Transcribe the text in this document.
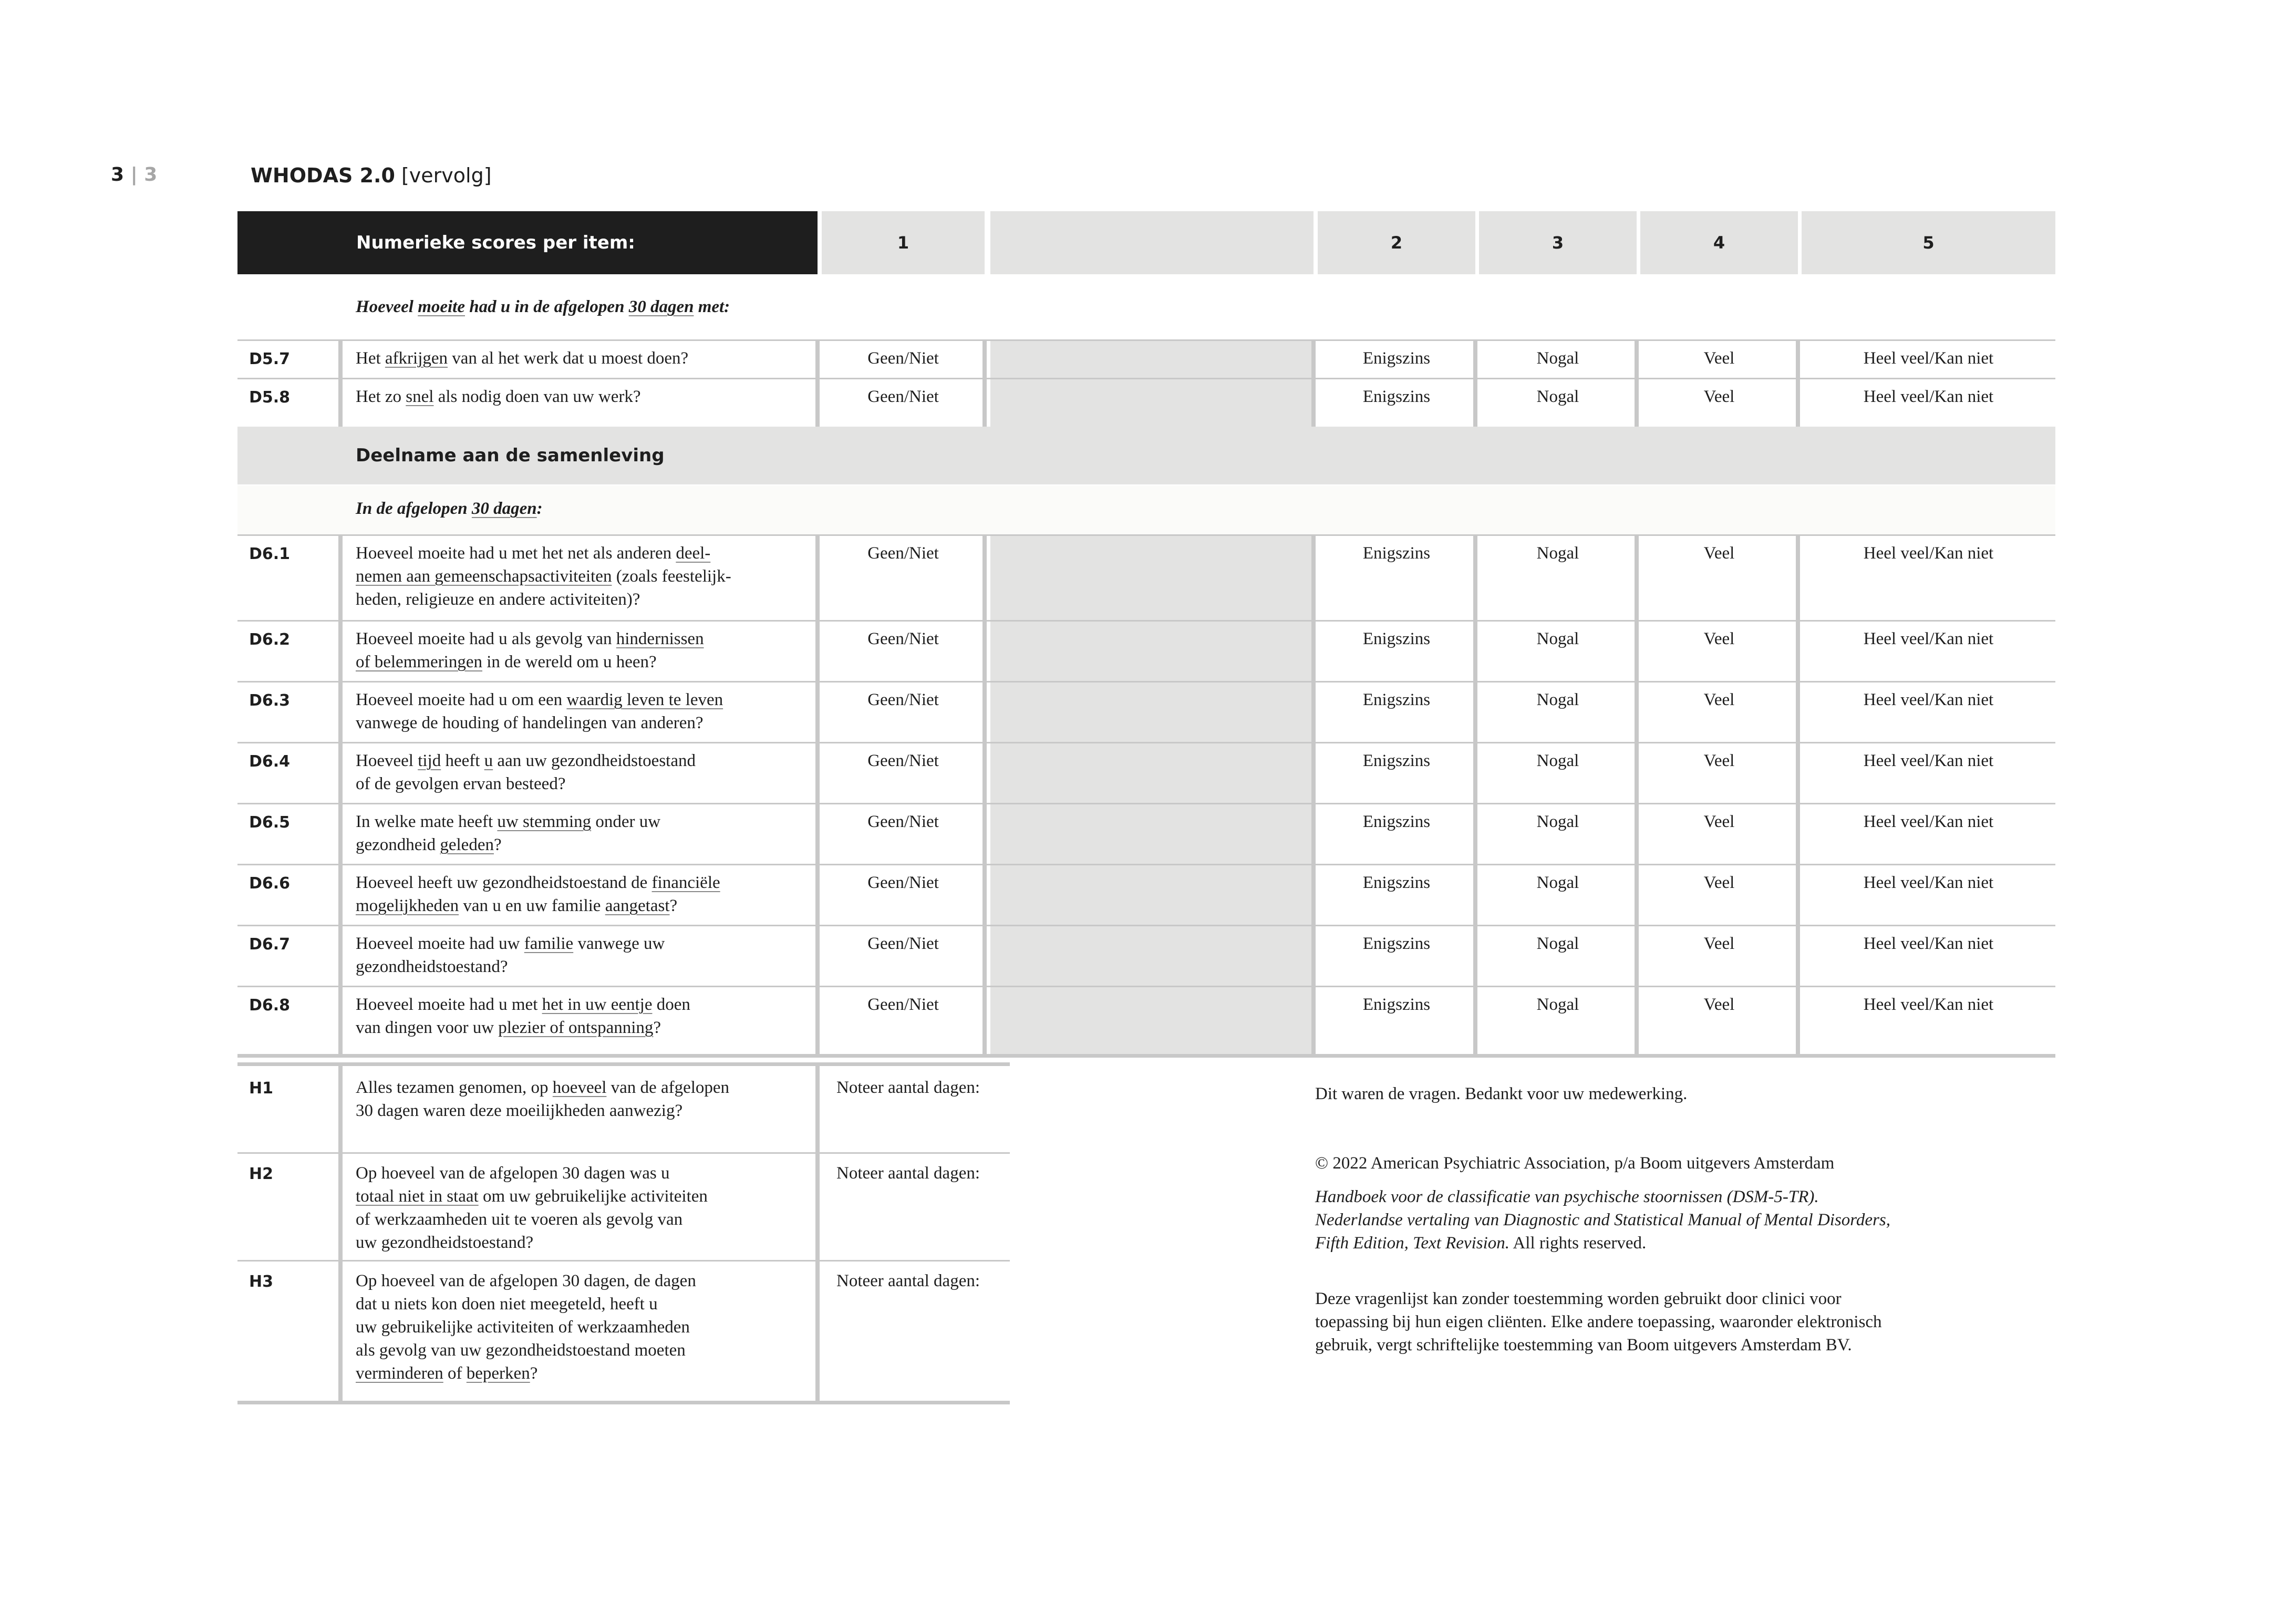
3 | 3	WHODAS 2.0 [vervolg]
Numerieke scores per item:	1	2	3	4	5
Hoeveel moeite had u in de afgelopen 30 dagen met:
D5.7	Het afkrijgen van al het werk dat u moest doen?	Geen/Niet	Enigszins	Nogal	Veel	Heel veel/Kan niet
D5.8	Het zo snel als nodig doen van uw werk?	Geen/Niet	Enigszins	Nogal	Veel	Heel veel/Kan niet
Deelname aan de samenleving
In de afgelopen 30 dagen:
D6.1	Hoeveel moeite had u met het net als anderen deel-
nemen aan gemeenschapsactiviteiten (zoals feestelijk-
heden, religieuze en andere activiteiten)?
Geen/Niet	Enigszins	Nogal	Veel	Heel veel/Kan niet
D6.2	Hoeveel moeite had u als gevolg van hindernissen
of belemmeringen in de wereld om u heen?
Geen/Niet	Enigszins	Nogal	Veel	Heel veel/Kan niet
D6.3	Hoeveel moeite had u om een waardig leven te leven
vanwege de houding of handelingen van anderen?
Geen/Niet	Enigszins	Nogal	Veel	Heel veel/Kan niet
D6.4	Hoeveel tijd heeft u aan uw gezondheidstoestand
of de gevolgen ervan besteed?
Geen/Niet	Enigszins	Nogal	Veel	Heel veel/Kan niet
D6.5	In welke mate heeft uw stemming onder uw
gezondheid geleden?
Geen/Niet	Enigszins	Nogal	Veel	Heel veel/Kan niet
D6.6	Hoeveel heeft uw gezondheidstoestand de financiële
mogelijkheden van u en uw familie aangetast?
Geen/Niet	Enigszins	Nogal	Veel	Heel veel/Kan niet
D6.7	Hoeveel moeite had uw familie vanwege uw
gezondheidstoestand?
Geen/Niet	Enigszins	Nogal	Veel	Heel veel/Kan niet
D6.8	Hoeveel moeite had u met het in uw eentje doen
van dingen voor uw plezier of ontspanning?
Geen/Niet	Enigszins	Nogal	Veel	Heel veel/Kan niet
H1	Alles tezamen genomen, op hoeveel van de afgelopen
30 dagen waren deze moeilijkheden aanwezig?
Noteer aantal dagen:
H2	Op hoeveel van de afgelopen 30 dagen was u
totaal niet in staat om uw gebruikelijke activiteiten
of werkzaamheden uit te voeren als gevolg van
uw gezondheidstoestand?
Noteer aantal dagen:
H3	Op hoeveel van de afgelopen 30 dagen, de dagen
dat u niets kon doen niet meegeteld, heeft u
uw gebruikelijke activiteiten of werkzaamheden
als gevolg van uw gezondheidstoestand moeten
verminderen of beperken?
Noteer aantal dagen:
Dit waren de vragen. Bedankt voor uw medewerking.
© 2022 American Psychiatric Association, p/a Boom uitgevers Amsterdam
Handboek voor de classificatie van psychische stoornissen (DSM-5-TR).
Nederlandse vertaling van Diagnostic and Statistical Manual of Mental Disorders,
Fifth Edition, Text Revision. All rights reserved.
Deze vragenlijst kan zonder toestemming worden gebruikt door clinici voor
toepassing bij hun eigen cliënten. Elke andere toepassing, waaronder elektronisch
gebruik, vergt schriftelijke toestemming van Boom uitgevers Amsterdam BV.
